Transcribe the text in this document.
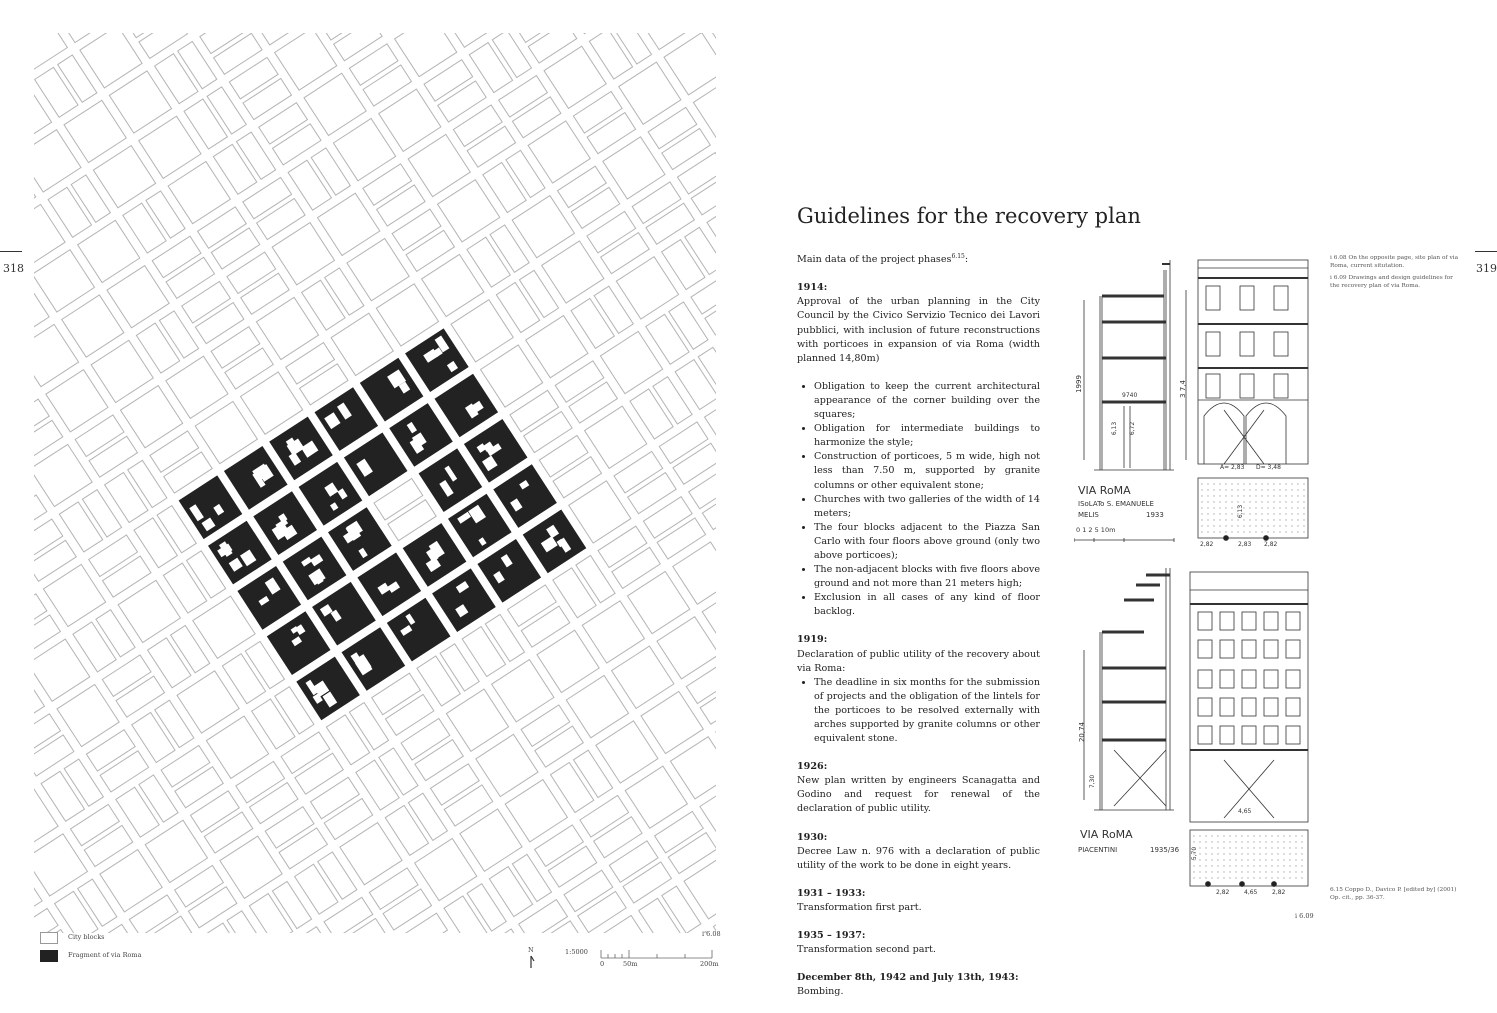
318
City blocks
Fragment of via Roma
N	1:5000
0	50m	200m
i 6.08
319
Guidelines for the recovery plan

Main data of the project phases$^{6.15}$:

1914:

Approval of the urban planning in the City Council by the Civico Servizio Tecnico dei Lavori pubblici, with inclusion of future reconstructions with porticoes in expansion of via Roma (width planned 14,80m)

• Obligation to keep the current architectural appearance of the corner building over the squares;
• Obligation for intermediate buildings to harmonize the style;
• Construction of porticoes, 5 m wide, high not less than 7.50 m, supported by granite columns or other equivalent stone;
• Churches with two galleries of the width of 14 meters;
• The four blocks adjacent to the Piazza San Carlo with four floors above ground (only two above porticoes);
• The non-adjacent blocks with five floors above ground and not more than 21 meters high;
• Exclusion in all cases of any kind of floor backlog.
1919:
Declaration of public utility of the recovery about via Roma:
• The deadline in six months for the submission of projects and the obligation of the lintels for the porticoes to be resolved externally with arches supported by granite columns or other equivalent stone.
1926:

New plan written by engineers Scanagatta and Godino and request for renewal of the declaration of public utility.

1930:

Decree Law n. 976 with a declaration of public utility of the work to be done in eight years.

1931 – 1933:

Transformation first part.

1935 – 1937:

Transformation second part.

December 8th, 1942 and July 13th, 1943:

Bombing.

VIA RoMA
ISoLATo S. EMANUELE
MELIS	1933
0 1 2 5 10m
1999	3 7,4
9740
6,13 6,72
A= 2,83 D= 3,48
6,13
2,82	2,83 2,82
VIA RoMA
PIACENTINI	1935/36
20,74
7,30
4,65
5,70
2,82 4,65 2,82
i 6.09

i 6.08 On the opposite page, site plan of via Roma, current situtation.

i 6.09 Drawings and design guidelines for the recovery plan of via Roma.

6.15 Coppo D., Davico P. [edited by] (2001) Op. cit., pp. 36-37.
